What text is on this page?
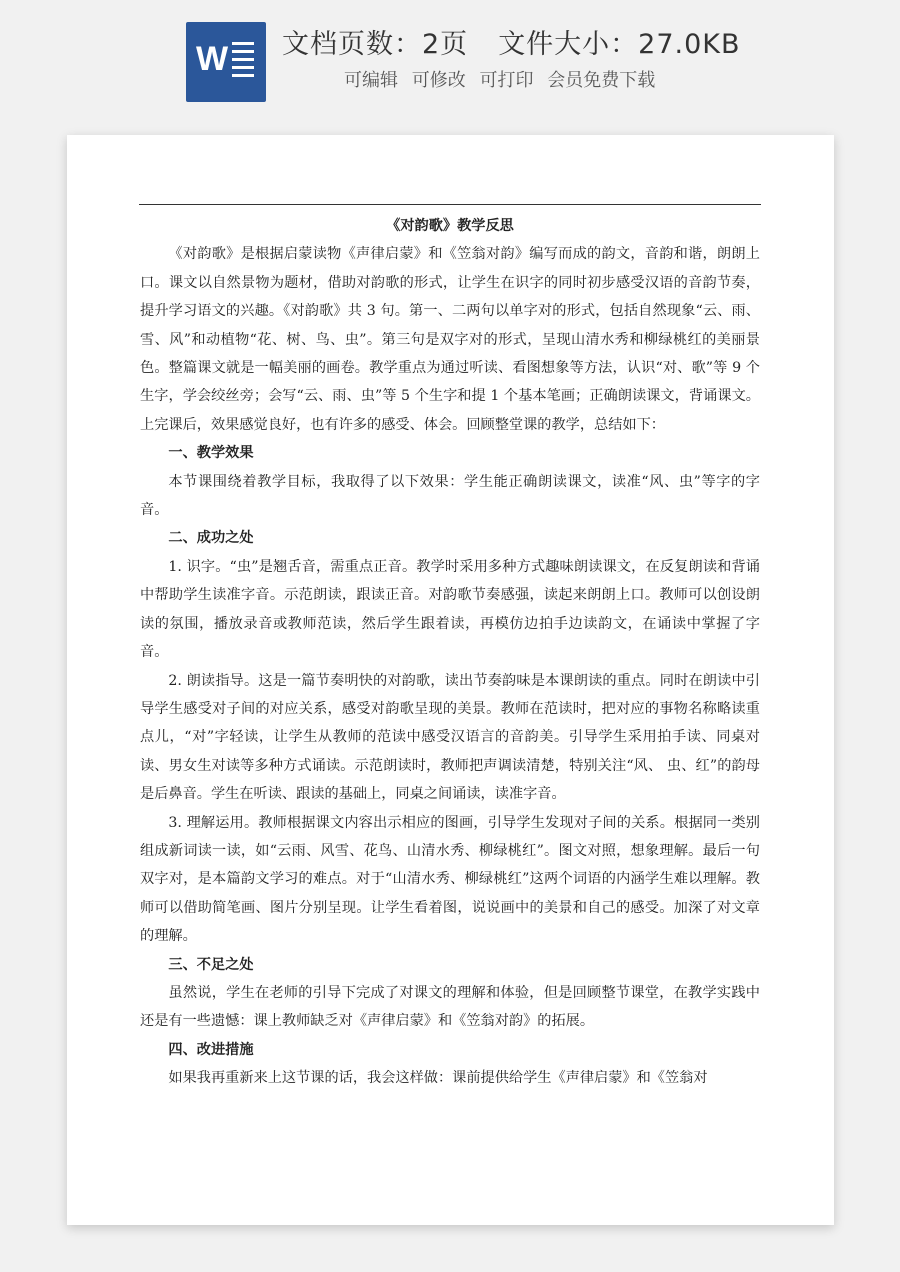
W 文档页数：2页 文件大小：27.0KB
可编辑 可修改 可打印 会员免费下载
《对韵歌》教学反思

《对韵歌》是根据启蒙读物《声律启蒙》和《笠翁对韵》编写而成的韵文，音韵和谐，朗朗上口。课文以自然景物为题材，借助对韵歌的形式，让学生在识字的同时初步感受汉语的音韵节奏，提升学习语文的兴趣。《对韵歌》共 3 句。第一、二两句以单字对的形式，包括自然现象“云、雨、雪、风”和动植物“花、树、鸟、虫”。第三句是双字对的形式，呈现山清水秀和柳绿桃红的美丽景色。整篇课文就是一幅美丽的画卷。教学重点为通过听读、看图想象等方法，认识“对、歌”等 9 个生字，学会绞丝旁；会写“云、雨、虫”等 5 个生字和提 1 个基本笔画；正确朗读课文，背诵课文。上完课后，效果感觉良好，也有许多的感受、体会。回顾整堂课的教学，总结如下：

一、教学效果

本节课围绕着教学目标，我取得了以下效果：学生能正确朗读课文，读准“风、虫”等字的字音。

二、成功之处

1. 识字。“虫”是翘舌音，需重点正音。教学时采用多种方式趣味朗读课文，在反复朗读和背诵中帮助学生读准字音。示范朗读，跟读正音。对韵歌节奏感强，读起来朗朗上口。教师可以创设朗读的氛围，播放录音或教师范读，然后学生跟着读，再模仿边拍手边读韵文，在诵读中掌握了字音。

2. 朗读指导。这是一篇节奏明快的对韵歌，读出节奏韵味是本课朗读的重点。同时在朗读中引导学生感受对子间的对应关系，感受对韵歌呈现的美景。教师在范读时，把对应的事物名称略读重点儿，“对”字轻读，让学生从教师的范读中感受汉语言的音韵美。引导学生采用拍手读、同桌对读、男女生对读等多种方式诵读。示范朗读时，教师把声调读清楚，特别关注“风、 虫、红”的韵母是后鼻音。学生在听读、跟读的基础上，同桌之间诵读，读准字音。

3. 理解运用。教师根据课文内容出示相应的图画，引导学生发现对子间的关系。根据同一类别组成新词读一读，如“云雨、风雪、花鸟、山清水秀、柳绿桃红”。图文对照，想象理解。最后一句双字对，是本篇韵文学习的难点。对于“山清水秀、柳绿桃红”这两个词语的内涵学生难以理解。教师可以借助简笔画、图片分别呈现。让学生看着图，说说画中的美景和自己的感受。加深了对文章的理解。

三、不足之处

虽然说，学生在老师的引导下完成了对课文的理解和体验，但是回顾整节课堂，在教学实践中还是有一些遗憾：课上教师缺乏对《声律启蒙》和《笠翁对韵》的拓展。

四、改进措施

如果我再重新来上这节课的话，我会这样做：课前提供给学生《声律启蒙》和《笠翁对
